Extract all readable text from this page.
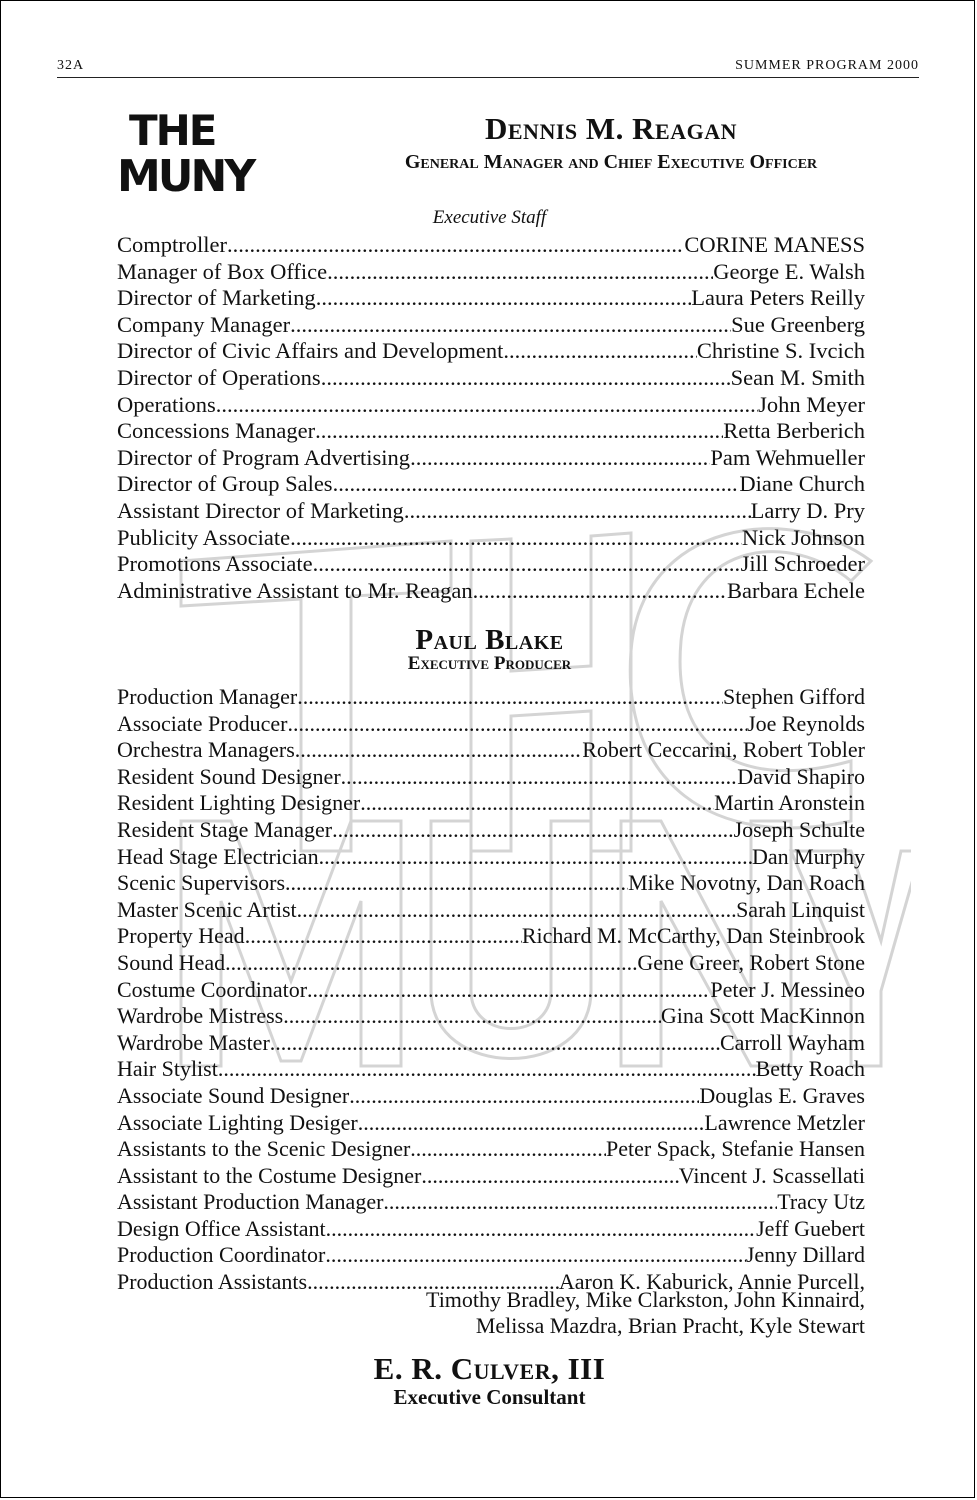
32A	SUMMER PROGRAM 2000
THE
MUNY
Dennis M. Reagan
General Manager and Chief Executive Officer
Executive Staff
Comptroller .....	CORINE MANESS
Manager of Box Office .....	George E. Walsh
Director of Marketing .....	Laura Peters Reilly
Company Manager .....	Sue Greenberg
Director of Civic Affairs and Development .....	Christine S. Ivcich
Director of Operations .....	Sean M. Smith
Operations .....	John Meyer
Concessions Manager .....	Retta Berberich
Director of Program Advertising .....	Pam Wehmueller
Director of Group Sales .....	Diane Church
Assistant Director of Marketing .....	Larry D. Pry
Publicity Associate .....	Nick Johnson
Promotions Associate .....	Jill Schroeder
Administrative Assistant to Mr. Reagan .....	Barbara Echele
Paul Blake
Executive Producer
Production Manager .....	Stephen Gifford
Associate Producer .....	Joe Reynolds
Orchestra Managers .....	Robert Ceccarini, Robert Tobler
Resident Sound Designer .....	David Shapiro
Resident Lighting Designer .....	Martin Aronstein
Resident Stage Manager .....	Joseph Schulte
Head Stage Electrician .....	Dan Murphy
Scenic Supervisors .....	Mike Novotny, Dan Roach
Master Scenic Artist .....	Sarah Linquist
Property Head .....	Richard M. McCarthy, Dan Steinbrook
Sound Head .....	Gene Greer, Robert Stone
Costume Coordinator .....	Peter J. Messineo
Wardrobe Mistress .....	Gina Scott MacKinnon
Wardrobe Master .....	Carroll Wayham
Hair Stylist .....	Betty Roach
Associate Sound Designer .....	Douglas E. Graves
Associate Lighting Desiger .....	Lawrence Metzler
Assistants to the Scenic Designer .....	Peter Spack, Stefanie Hansen
Assistant to the Costume Designer .....	Vincent J. Scassellati
Assistant Production Manager .....	Tracy Utz
Design Office Assistant .....	Jeff Guebert
Production Coordinator .....	Jenny Dillard
Production Assistants .....	Aaron K. Kaburick, Annie Purcell,
Timothy Bradley, Mike Clarkston, John Kinnaird,
Melissa Mazdra, Brian Pracht, Kyle Stewart
E. R. Culver, III
Executive Consultant
